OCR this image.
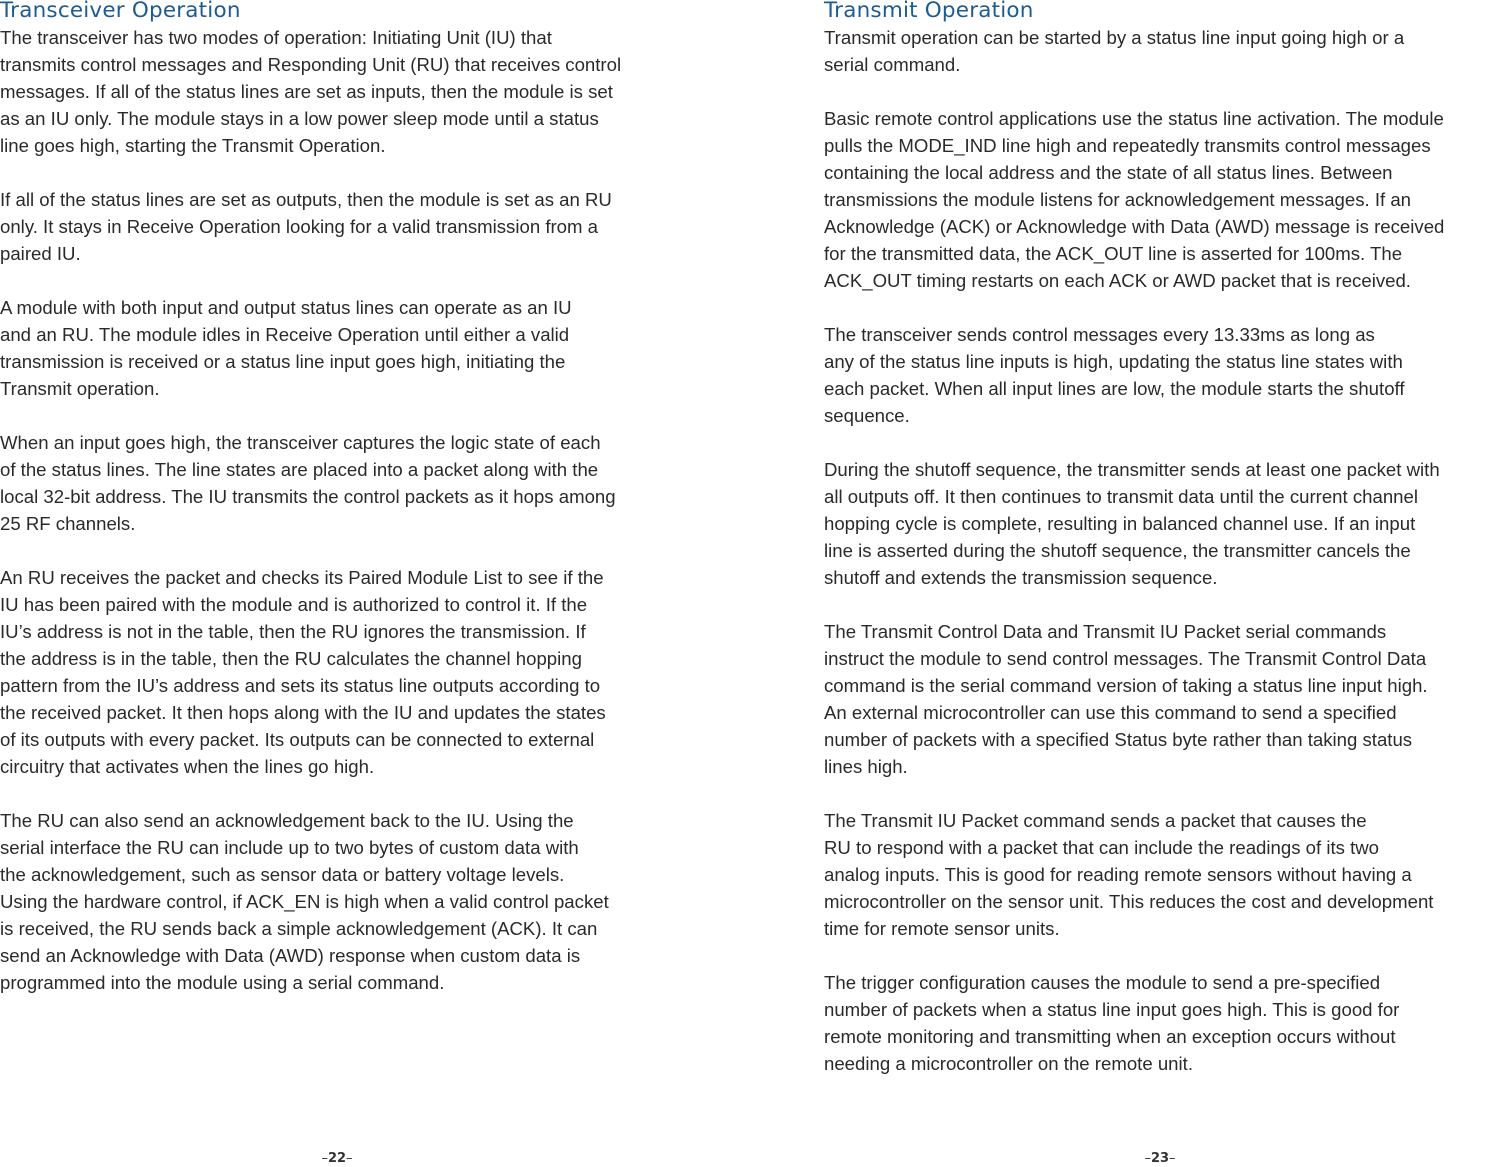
Transceiver Operation

The transceiver has two modes of operation: Initiating Unit (IU) that
transmits control messages and Responding Unit (RU) that receives control
messages. If all of the status lines are set as inputs, then the module is set
as an IU only. The module stays in a low power sleep mode until a status
line goes high, starting the Transmit Operation.

If all of the status lines are set as outputs, then the module is set as an RU
only. It stays in Receive Operation looking for a valid transmission from a
paired IU.

A module with both input and output status lines can operate as an IU
and an RU. The module idles in Receive Operation until either a valid
transmission is received or a status line input goes high, initiating the
Transmit operation.

When an input goes high, the transceiver captures the logic state of each
of the status lines. The line states are placed into a packet along with the
local 32-bit address. The IU transmits the control packets as it hops among
25 RF channels.

An RU receives the packet and checks its Paired Module List to see if the
IU has been paired with the module and is authorized to control it. If the
IU’s address is not in the table, then the RU ignores the transmission. If
the address is in the table, then the RU calculates the channel hopping
pattern from the IU’s address and sets its status line outputs according to
the received packet. It then hops along with the IU and updates the states
of its outputs with every packet. Its outputs can be connected to external
circuitry that activates when the lines go high.

The RU can also send an acknowledgement back to the IU. Using the
serial interface the RU can include up to two bytes of custom data with
the acknowledgement, such as sensor data or battery voltage levels.
Using the hardware control, if ACK_EN is high when a valid control packet
is received, the RU sends back a simple acknowledgement (ACK). It can
send an Acknowledge with Data (AWD) response when custom data is
programmed into the module using a serial command.

Transmit Operation

Transmit operation can be started by a status line input going high or a
serial command.

Basic remote control applications use the status line activation. The module
pulls the MODE_IND line high and repeatedly transmits control messages
containing the local address and the state of all status lines. Between
transmissions the module listens for acknowledgement messages. If an
Acknowledge (ACK) or Acknowledge with Data (AWD) message is received
for the transmitted data, the ACK_OUT line is asserted for 100ms. The
ACK_OUT timing restarts on each ACK or AWD packet that is received.

The transceiver sends control messages every 13.33ms as long as
any of the status line inputs is high, updating the status line states with
each packet. When all input lines are low, the module starts the shutoff
sequence.

During the shutoff sequence, the transmitter sends at least one packet with
all outputs off. It then continues to transmit data until the current channel
hopping cycle is complete, resulting in balanced channel use. If an input
line is asserted during the shutoff sequence, the transmitter cancels the
shutoff and extends the transmission sequence.

The Transmit Control Data and Transmit IU Packet serial commands
instruct the module to send control messages. The Transmit Control Data
command is the serial command version of taking a status line input high.
An external microcontroller can use this command to send a specified
number of packets with a specified Status byte rather than taking status
lines high.

The Transmit IU Packet command sends a packet that causes the
RU to respond with a packet that can include the readings of its two
analog inputs. This is good for reading remote sensors without having a
microcontroller on the sensor unit. This reduces the cost and development
time for remote sensor units.

The trigger configuration causes the module to send a pre-specified
number of packets when a status line input goes high. This is good for
remote monitoring and transmitting when an exception occurs without
needing a microcontroller on the remote unit.

–22–	–23–
